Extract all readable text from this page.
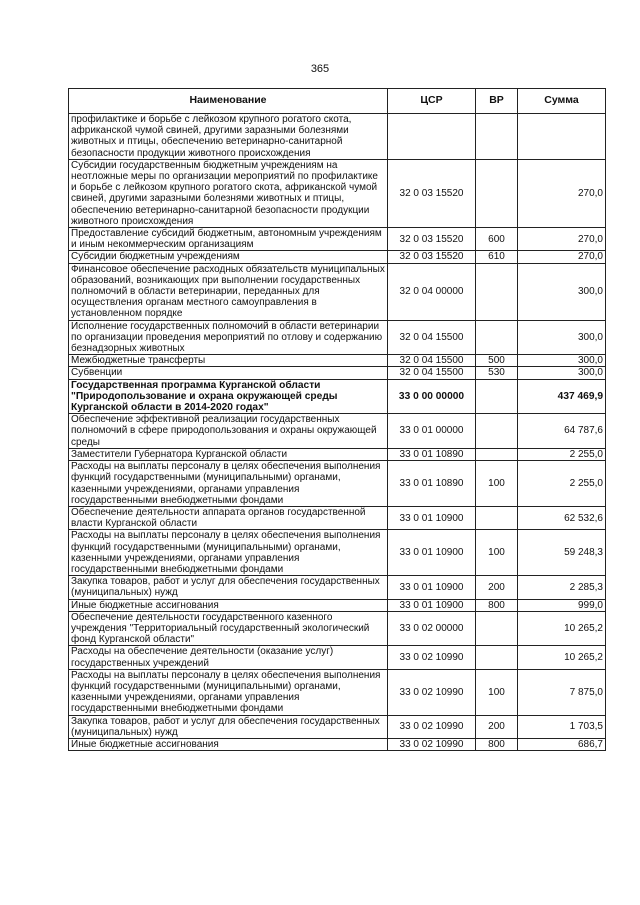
365
Наименование	ЦСР	ВР	Сумма
профилактике и борьбе с лейкозом крупного рогатого скота, африканской чумой свиней, другими заразными болезнями животных и птицы, обеспечению ветеринарно-санитарной безопасности продукции животного происхождения			
Субсидии государственным бюджетным учреждениям на неотложные меры по организации мероприятий по профилактике и борьбе с лейкозом крупного рогатого скота, африканской чумой свиней, другими заразными болезнями животных и птицы, обеспечению ветеринарно-санитарной безопасности продукции животного происхождения	32 0 03 15520		270,0
Предоставление субсидий бюджетным, автономным учреждениям и иным некоммерческим организациям	32 0 03 15520	600	270,0
Субсидии бюджетным учреждениям	32 0 03 15520	610	270,0
Финансовое обеспечение расходных обязательств муниципальных образований, возникающих при выполнении государственных полномочий в области ветеринарии, переданных для осуществления органам местного самоуправления в установленном порядке	32 0 04 00000		300,0
Исполнение государственных полномочий в области ветеринарии по организации проведения мероприятий по отлову и содержанию безнадзорных животных	32 0 04 15500		300,0
Межбюджетные трансферты	32 0 04 15500	500	300,0
Субвенции	32 0 04 15500	530	300,0
Государственная программа Курганской области "Природопользование и охрана окружающей среды Курганской области в 2014-2020 годах"	33 0 00 00000		437 469,9
Обеспечение эффективной реализации государственных полномочий в сфере природопользования и охраны окружающей среды	33 0 01 00000		64 787,6
Заместители Губернатора Курганской области	33 0 01 10890		2 255,0
Расходы на выплаты персоналу в целях обеспечения выполнения функций государственными (муниципальными) органами, казенными учреждениями, органами управления государственными внебюджетными фондами	33 0 01 10890	100	2 255,0
Обеспечение деятельности аппарата органов государственной власти Курганской области	33 0 01 10900		62 532,6
Расходы на выплаты персоналу в целях обеспечения выполнения функций государственными (муниципальными) органами, казенными учреждениями, органами управления государственными внебюджетными фондами	33 0 01 10900	100	59 248,3
Закупка товаров, работ и услуг для обеспечения государственных (муниципальных) нужд	33 0 01 10900	200	2 285,3
Иные бюджетные ассигнования	33 0 01 10900	800	999,0
Обеспечение деятельности государственного казенного учреждения "Территориальный государственный экологический фонд Курганской области"	33 0 02 00000		10 265,2
Расходы на обеспечение деятельности (оказание услуг) государственных учреждений	33 0 02 10990		10 265,2
Расходы на выплаты персоналу в целях обеспечения выполнения функций государственными (муниципальными) органами, казенными учреждениями, органами управления государственными внебюджетными фондами	33 0 02 10990	100	7 875,0
Закупка товаров, работ и услуг для обеспечения государственных (муниципальных) нужд	33 0 02 10990	200	1 703,5
Иные бюджетные ассигнования	33 0 02 10990	800	686,7
